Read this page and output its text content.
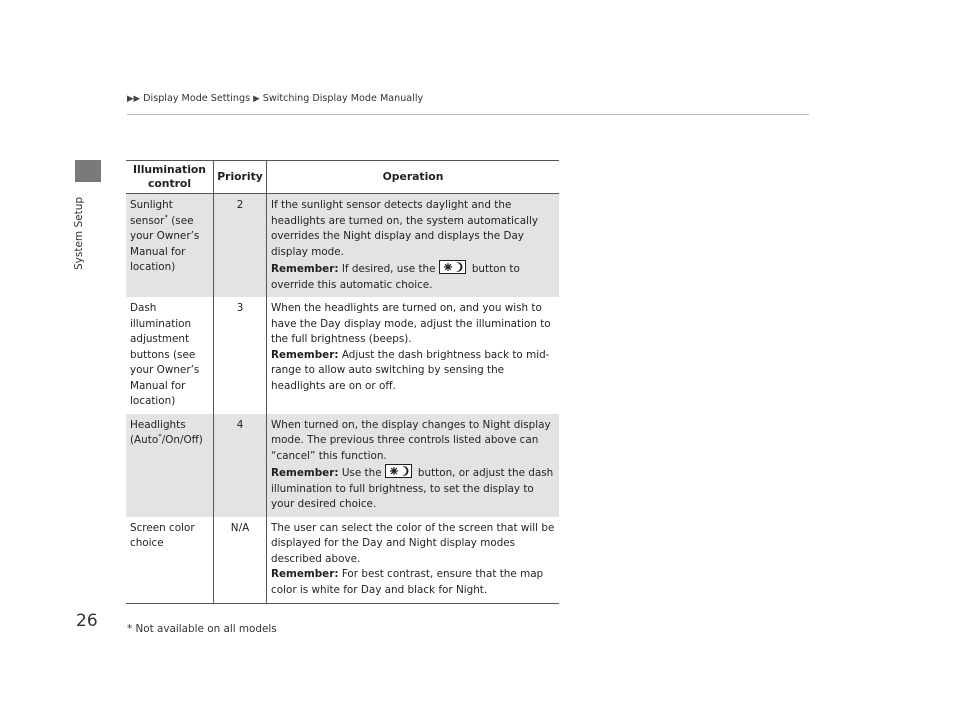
System Setup
26
▶▶ Display Mode Settings ▶ Switching Display Mode Manually
Illumination control	Priority	Operation
Sunlight sensor* (see your Owner’s Manual for location)	2	If the sunlight sensor detects daylight and the headlights are turned on, the system automatically overrides the Night display and displays the Day display mode.
Remember: If desired, use the button to override this automatic choice.
Dash illumination adjustment buttons (see your Owner’s Manual for location)	3	When the headlights are turned on, and you wish to have the Day display mode, adjust the illumination to the full brightness (beeps).
Remember: Adjust the dash brightness back to mid-range to allow auto switching by sensing the headlights are on or off.
Headlights (Auto*/On/Off)	4	When turned on, the display changes to Night display mode. The previous three controls listed above can “cancel” this function.
Remember: Use the button, or adjust the dash illumination to full brightness, to set the display to your desired choice.
Screen color choice	N/A	The user can select the color of the screen that will be displayed for the Day and Night display modes described above.
Remember: For best contrast, ensure that the map color is white for Day and black for Night.
* Not available on all models
